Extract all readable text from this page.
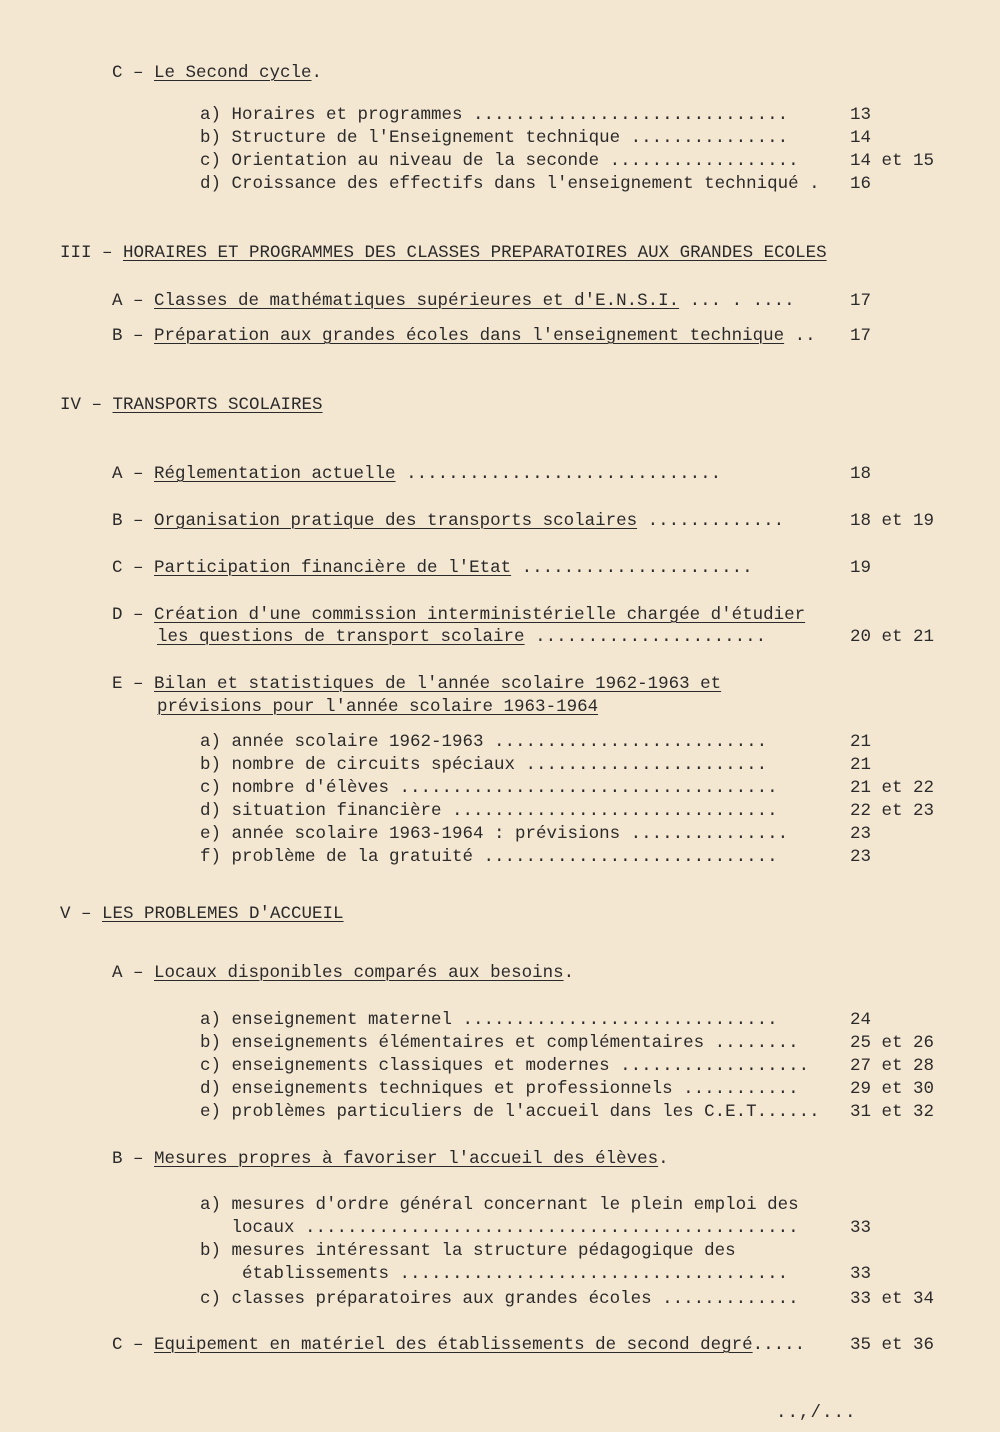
C – Le Second cycle.
a) Horaires et programmes ..............................	13
b) Structure de l'Enseignement technique ...............	14
c) Orientation au niveau de la seconde ..................	14 et 15
d) Croissance des effectifs dans l'enseignement techniqué . 16
III – HORAIRES ET PROGRAMMES DES CLASSES PREPARATOIRES AUX GRANDES ECOLES
A – Classes de mathématiques supérieures et d'E.N.S.I. ... . ....	17
B – Préparation aux grandes écoles dans l'enseignement technique .. 17
IV – TRANSPORTS SCOLAIRES
A – Réglementation actuelle ..............................	18
B – Organisation pratique des transports scolaires .............	18 et 19
C – Participation financière de l'Etat ......................	19
D – Création d'une commission interministérielle chargée d'étudier
les questions de transport scolaire ......................	20 et 21
E – Bilan et statistiques de l'année scolaire 1962-1963 et
prévisions pour l'année scolaire 1963-1964
a) année scolaire 1962-1963 ..........................	21
b) nombre de circuits spéciaux .......................	21
c) nombre d'élèves ....................................	21 et 22
d) situation financière ...............................	22 et 23
e) année scolaire 1963-1964 : prévisions ...............	23
f) problème de la gratuité ............................	23
V – LES PROBLEMES D'ACCUEIL
A – Locaux disponibles comparés aux besoins.
a) enseignement maternel ..............................	24
b) enseignements élémentaires et complémentaires ........	25 et 26
c) enseignements classiques et modernes .................. 27 et 28
d) enseignements techniques et professionnels ...........	29 et 30
e) problèmes particuliers de l'accueil dans les C.E.T...... 31 et 32
B – Mesures propres à favoriser l'accueil des élèves.
a) mesures d'ordre général concernant le plein emploi des
locaux ...............................................	33
b) mesures intéressant la structure pédagogique des
établissements .....................................	33
c) classes préparatoires aux grandes écoles .............	33 et 34
C – Equipement en matériel des établissements de second degré.....	35 et 36
..,/...
